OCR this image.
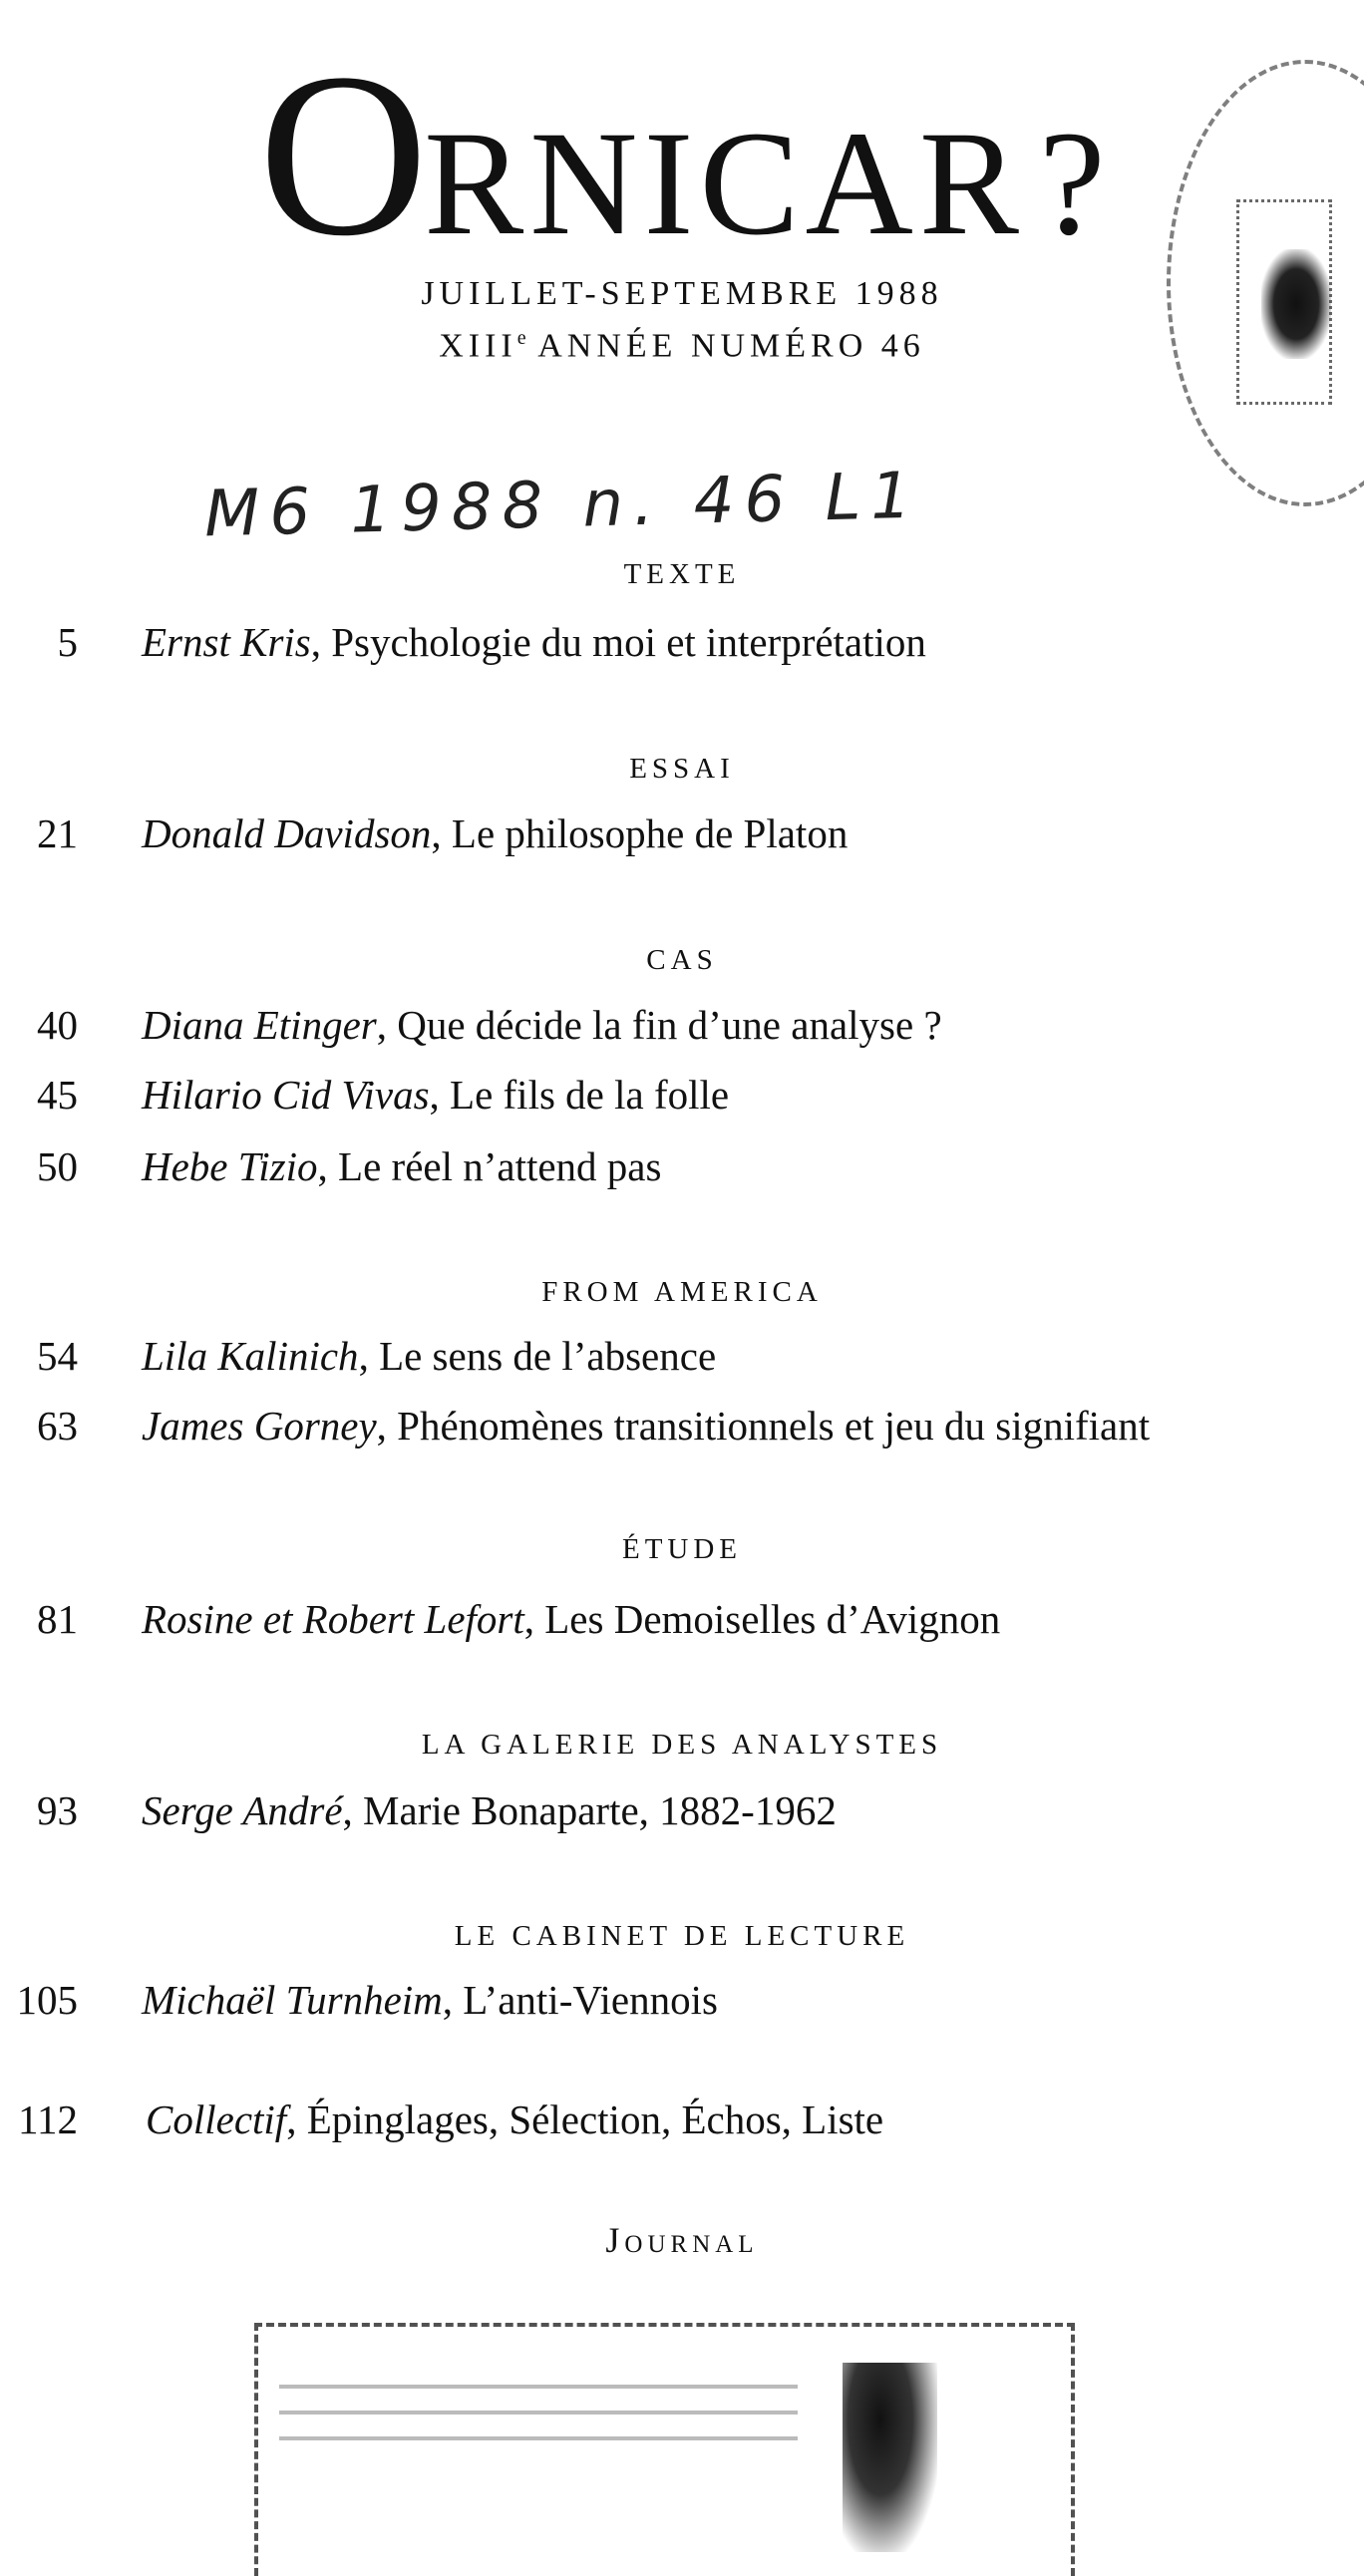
ORNICAR?
JUILLET-SEPTEMBRE 1988
XIIIe ANNÉE NUMÉRO 46
M6 1988 n. 46 L1
TEXTE
5 Ernst Kris, Psychologie du moi et interprétation
ESSAI
21 Donald Davidson, Le philosophe de Platon
CAS
40 Diana Etinger, Que décide la fin d’une analyse ?
45 Hilario Cid Vivas, Le fils de la folle
50 Hebe Tizio, Le réel n’attend pas
FROM AMERICA
54 Lila Kalinich, Le sens de l’absence
63 James Gorney, Phénomènes transitionnels et jeu du signifiant
ÉTUDE
81 Rosine et Robert Lefort, Les Demoiselles d’Avignon
LA GALERIE DES ANALYSTES
93 Serge André, Marie Bonaparte, 1882-1962
LE CABINET DE LECTURE
105 Michaël Turnheim, L’anti-Viennois
112 Collectif, Épinglages, Sélection, Échos, Liste
Journal
